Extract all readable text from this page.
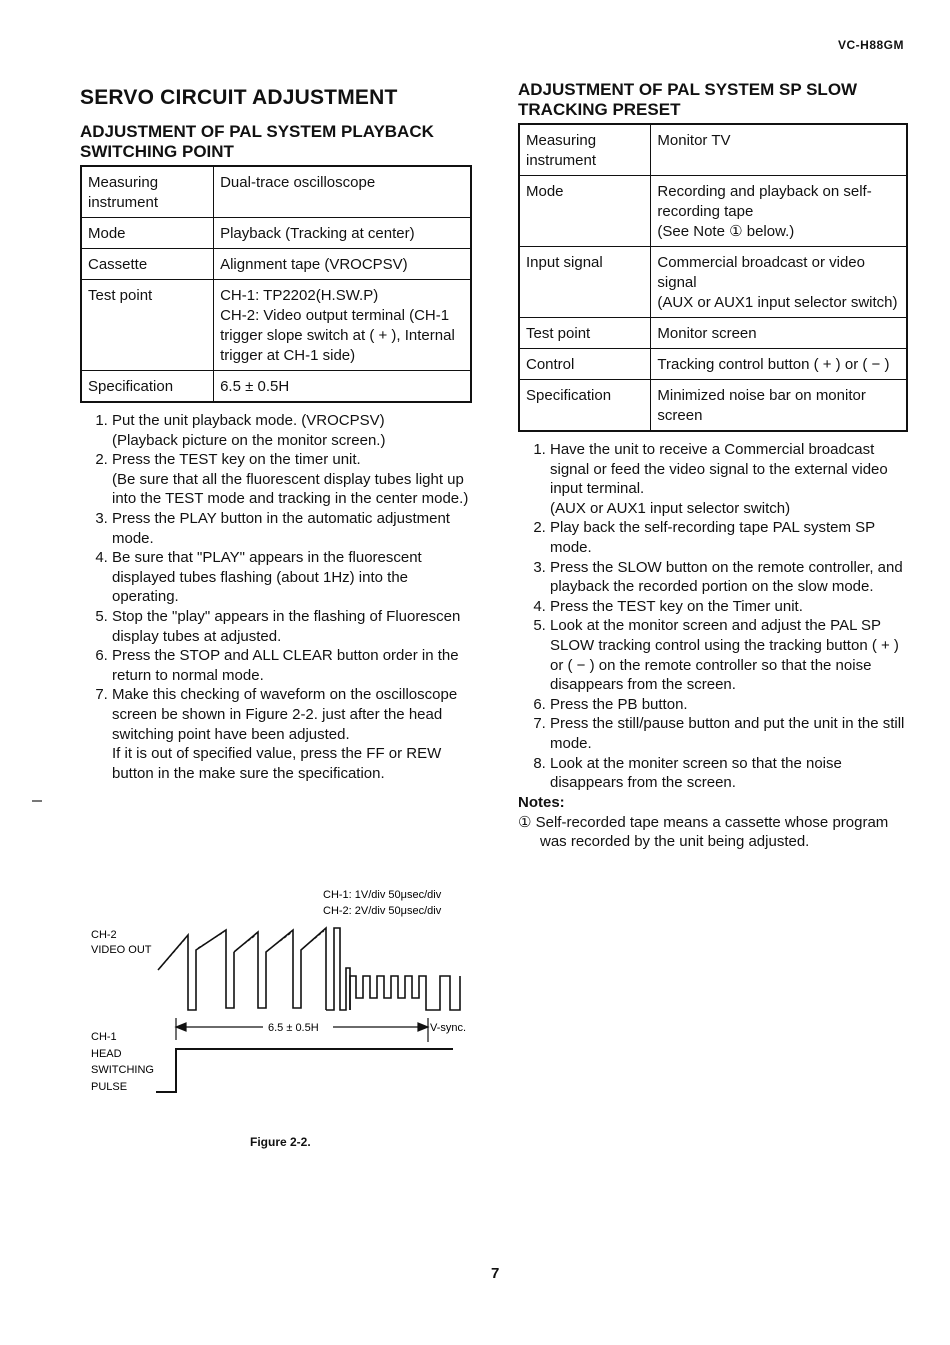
VC-H88GM
SERVO CIRCUIT ADJUSTMENT
ADJUSTMENT OF PAL SYSTEM PLAYBACK SWITCHING POINT
Measuring instrument	Dual-trace oscilloscope
Mode	Playback (Tracking at center)
Cassette	Alignment tape (VROCPSV)
Test point	CH-1: TP2202(H.SW.P)
CH-2: Video output terminal (CH-1 trigger slope switch at ( + ), Internal trigger at CH-1 side)
Specification	6.5 ± 0.5H
1. Put the unit playback mode. (VROCPSV)
(Playback picture on the monitor screen.)
2. Press the TEST key on the timer unit.
(Be sure that all the fluorescent display tubes light up into the TEST mode and tracking in the center mode.)
3. Press the PLAY button in the automatic adjustment mode.
4. Be sure that "PLAY" appears in the fluorescent displayed tubes flashing (about 1Hz) into the operating.
5. Stop the "play" appears in the flashing of Fluorescen display tubes at adjusted.
6. Press the STOP and ALL CLEAR button order in the return to normal mode.
7. Make this checking of waveform on the oscilloscope screen be shown in Figure 2-2. just after the head switching point have been adjusted.
If it is out of specified value, press the FF or REW button in the make sure the specification.
ADJUSTMENT OF PAL SYSTEM SP SLOW TRACKING PRESET
Measuring instrument	Monitor TV
Mode	Recording and playback on self-recording tape
(See Note ① below.)
Input signal	Commercial broadcast or video signal
(AUX or AUX1 input selector switch)
Test point	Monitor screen
Control	Tracking control button ( + ) or ( − )
Specification	Minimized noise bar on monitor screen
1. Have the unit to receive a Commercial broadcast signal or feed the video signal to the external video input terminal.
(AUX or AUX1 input selector switch)
2. Play back the self-recording tape PAL system SP mode.
3. Press the SLOW button on the remote controller, and playback the recorded portion on the slow mode.
4. Press the TEST key on the Timer unit.
5. Look at the monitor screen and adjust the PAL SP SLOW tracking control using the tracking button ( + ) or ( − ) on the remote controller so that the noise disappears from the screen.
6. Press the PB button.
7. Press the still/pause button and put the unit in the still mode.
8. Look at the moniter screen so that the noise disappears from the screen.
Notes:
① Self-recorded tape means a cassette whose program was recorded by the unit being adjusted.
CH-1: 1V/div 50μsec/div
CH-2: 2V/div 50μsec/div
CH-2
VIDEO OUT
6.5 ± 0.5H	V-sync.
CH-1
HEAD
SWITCHING
PULSE
Figure 2-2.
7
